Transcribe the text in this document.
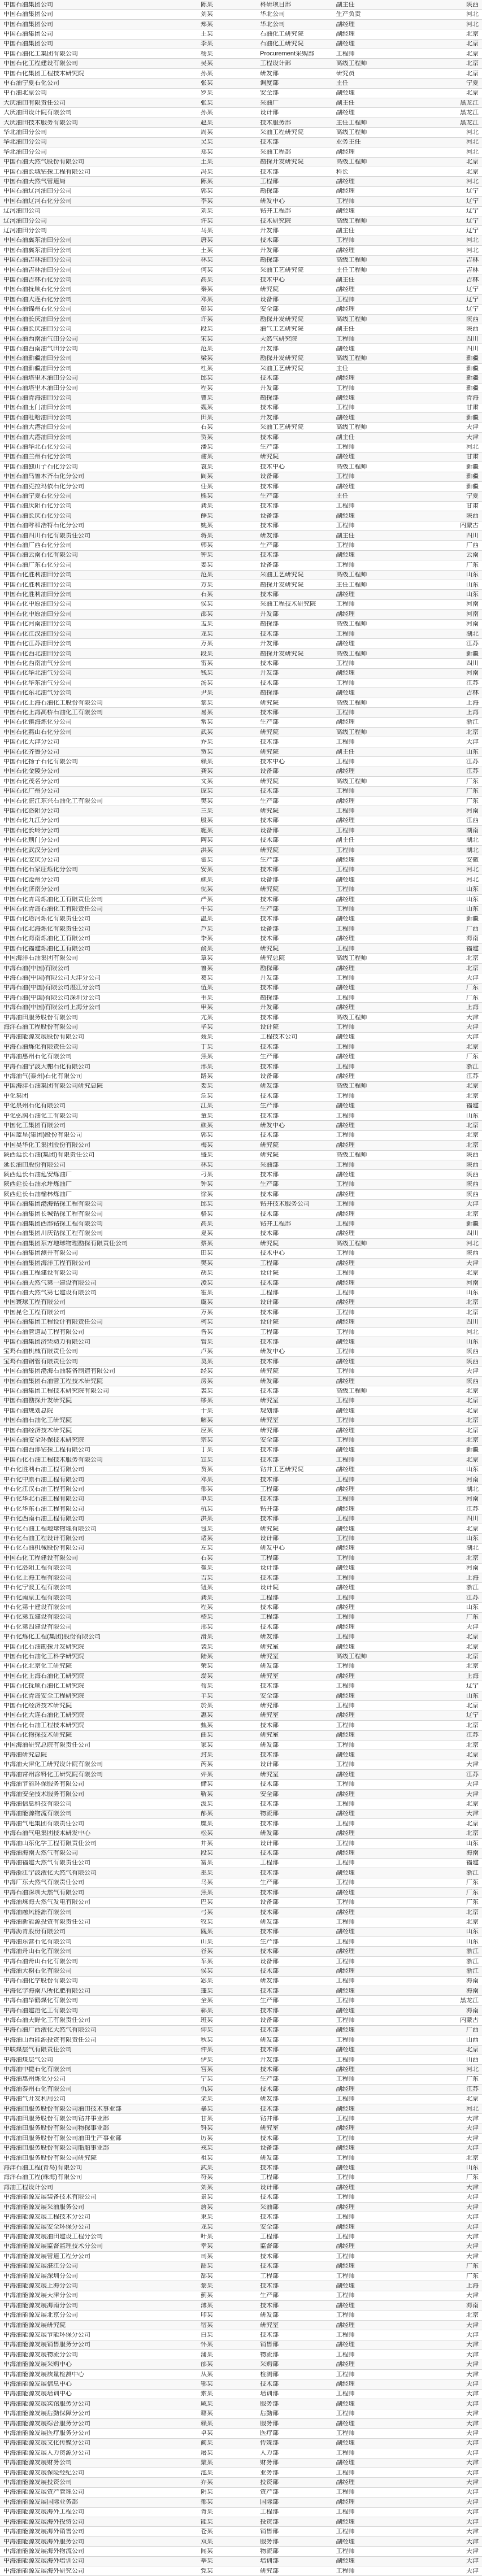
中国石油集团公司	陈某	科研项目部	副主任	陕西
中国石油集团公司	刘某	华北公司	生产负责	河北
中国石油集团公司	郑某	华北公司	副经理	河北
中国石油集团公司	王某	石油化工研究院	副经理	北京
中国石油集团公司	李某	石油化工研究院	副经理	北京
中国石油化工集团有限公司	杨某	Procurement采购部	工程师	北京
中国石化工程建设有限公司	吴某	工程设计部	高级工程师	北京
中国石化集团工程技术研究院	孙某	研发部	研究员	北京
中石油宁夏石化公司	张某	调度部	主任	宁夏
中石油北京公司	罗某	安全部	副经理	北京
大庆油田有限责任公司	张某	采油厂	副主任	黑龙江
大庆油田设计院有限公司	孙某	设计部	副经理	黑龙江
大庆油田技术服务有限公司	赵某	技术服务部	主任工程师	黑龙江
华北油田分公司	周某	采油工程研究院	高级工程师	河北
华北油田分公司	吴某	技术部	业务主任	河北
华北油田分公司	郑某	采油工程部	副经理	河北
中国石油天然气股份有限公司	王某	勘探开发研究院	高级工程师	北京
中国石油长城钻探工程有限公司	冯某	技术部	科长	北京
中国石油天然气管道局	陈某	工程部	副经理	河北
中国石油辽河油田分公司	郭某	勘探部	副经理	辽宁
中国石油辽河石化分公司	李某	研发中心	工程师	辽宁
辽河油田公司	刘某	钻井工程部	副经理	辽宁
辽河油田分公司	许某	技术研究院	高级工程师	辽宁
辽河油田分公司	马某	开发部	副主任	辽宁
中国石油冀东油田分公司	唐某	技术部	工程师	河北
中国石油冀东油田分公司	王某	开发部	副经理	河北
中国石油吉林油田分公司	林某	勘探部	高级工程师	吉林
中国石油吉林油田分公司	何某	采油工艺研究院	主任工程师	吉林
中国石油吉林石化分公司	高某	技术中心	副主任	吉林
中国石油抚顺石化分公司	秦某	研究院	副经理	辽宁
中国石油大连石化分公司	邓某	设备部	工程师	辽宁
中国石油锦州石化分公司	彭某	安全部	副经理	辽宁
中国石油长庆油田分公司	许某	勘探开发研究院	高级工程师	陕西
中国石油长庆油田分公司	段某	油气工艺研究院	副主任	陕西
中国石油西南油气田分公司	宋某	天然气研究院	工程师	四川
中国石油西南油气田分公司	范某	开发部	副经理	四川
中国石油新疆油田分公司	梁某	勘探开发研究院	高级工程师	新疆
中国石油新疆油田分公司	杜某	采油工艺研究院	主任	新疆
中国石油塔里木油田分公司	邱某	技术部	副经理	新疆
中国石油塔里木油田分公司	程某	开发部	工程师	新疆
中国石油青海油田分公司	曹某	勘探部	副经理	青海
中国石油玉门油田分公司	魏某	技术部	工程师	甘肃
中国石油吐哈油田分公司	田某	开发部	副经理	新疆
中国石油大港油田分公司	石某	采油工艺研究院	高级工程师	天津
中国石油大港油田分公司	贺某	技术部	副主任	天津
中国石油华北石化分公司	潘某	生产部	工程师	河北
中国石油兰州石化分公司	谢某	研究院	副经理	甘肃
中国石油独山子石化分公司	袁某	技术中心	高级工程师	新疆
中国石油乌鲁木齐石化分公司	阎某	设备部	工程师	新疆
中国石油克拉玛依石化分公司	任某	技术部	副经理	新疆
中国石油宁夏石化分公司	熊某	生产部	主任	宁夏
中国石油庆阳石化分公司	龚某	技术部	工程师	甘肃
中国石油长庆石化分公司	薛某	设备部	副经理	陕西
中国石油呼和浩特石化分公司	姚某	技术部	工程师	内蒙古
中国石油四川石化有限责任公司	蒋某	研发部	副主任	四川
中国石油广西石化分公司	韩某	生产部	工程师	广西
中国石油云南石化有限公司	钟某	技术部	副经理	云南
中国石油广东石化分公司	姜某	设备部	工程师	广东
中国石化胜利油田分公司	范某	采油工艺研究院	高级工程师	山东
中国石化胜利油田分公司	方某	勘探开发研究院	主任工程师	山东
中国石化胜利油田分公司	石某	技术部	副经理	山东
中国石化中原油田分公司	侯某	采油工程技术研究院	工程师	河南
中国石化中原油田分公司	邵某	开发部	副经理	河南
中国石化河南油田分公司	孟某	勘探部	高级工程师	河南
中国石化江汉油田分公司	龙某	技术部	工程师	湖北
中国石化江苏油田分公司	万某	开发部	副经理	江苏
中国石化西北油田分公司	段某	勘探开发研究院	高级工程师	新疆
中国石化西南油气分公司	雷某	技术部	工程师	四川
中国石化华北油气分公司	钱某	开发部	副经理	河南
中国石化华东油气分公司	汤某	技术部	工程师	江苏
中国石化东北油气分公司	尹某	勘探部	副经理	吉林
中国石化上海石油化工股份有限公司	黎某	研究院	高级工程师	上海
中国石化上海高桥石油化工有限公司	易某	技术部	工程师	上海
中国石化镇海炼化分公司	常某	生产部	副经理	浙江
中国石化燕山石化分公司	武某	研究院	高级工程师	北京
中国石化天津分公司	乔某	技术部	工程师	天津
中国石化齐鲁分公司	贺某	研究院	副主任	山东
中国石化扬子石化有限公司	赖某	技术中心	工程师	江苏
中国石化金陵分公司	龚某	设备部	副经理	江苏
中国石化茂名分公司	文某	研究院	高级工程师	广东
中国石化广州分公司	庞某	技术部	工程师	广东
中国石化湛江东兴石油化工有限公司	樊某	生产部	副经理	广东
中国石化洛阳分公司	兰某	研究院	工程师	河南
中国石化九江分公司	殷某	技术部	副经理	江西
中国石化长岭分公司	施某	设备部	工程师	湖南
中国石化荆门分公司	陶某	技术部	副主任	湖北
中国石化武汉分公司	洪某	研究院	工程师	湖北
中国石化安庆分公司	翟某	生产部	副经理	安徽
中国石化石家庄炼化分公司	安某	技术部	工程师	河北
中国石化沧州分公司	颜某	设备部	副经理	河北
中国石化济南分公司	倪某	研究院	工程师	山东
中国石化青岛炼油化工有限责任公司	严某	技术部	副经理	山东
中国石化青岛石油化工有限责任公司	牛某	生产部	工程师	山东
中国石化塔河炼化有限责任公司	温某	技术部	副经理	新疆
中国石化北海炼化有限责任公司	芦某	设备部	工程师	广西
中国石化海南炼油化工有限公司	季某	技术部	副经理	海南
中国石化福建炼油化工有限公司	俞某	研究院	工程师	福建
中国海洋石油集团有限公司	章某	研究总院	高级工程师	北京
中海石油(中国)有限公司	鲁某	勘探部	副经理	北京
中海石油(中国)有限公司天津分公司	葛某	开发部	工程师	天津
中海石油(中国)有限公司湛江分公司	伍某	技术部	副经理	广东
中海石油(中国)有限公司深圳分公司	韦某	勘探部	工程师	广东
中海石油(中国)有限公司上海分公司	申某	开发部	副经理	上海
中海油田服务股份有限公司	尤某	技术部	高级工程师	天津
海洋石油工程股份有限公司	毕某	设计院	工程师	天津
中海油能源发展股份有限公司	聂某	工程技术公司	副经理	天津
中海石油炼化有限责任公司	丁某	技术部	工程师	北京
中海油惠州石化有限公司	焦某	生产部	副经理	广东
中海石油宁波大榭石化有限公司	邢某	技术部	工程师	浙江
中海油气(泰州)石化有限公司	路某	设备部	副经理	江苏
中国海洋石油集团有限公司研究总院	娄某	研发部	高级工程师	北京
中化集团	危某	技术部	工程师	北京
中化泉州石化有限公司	江某	生产部	副经理	福建
中化弘润石油化工有限公司	童某	技术部	工程师	山东
中国化工集团有限公司	颜某	研发中心	副经理	北京
中国蓝星(集团)股份有限公司	郭某	技术部	工程师	北京
中国昊华化工集团股份有限公司	梅某	研究院	副经理	北京
陕西延长石油(集团)有限责任公司	盛某	研究院	高级工程师	陕西
延长油田股份有限公司	林某	采油部	工程师	陕西
陕西延长石油延安炼油厂	刁某	技术部	副经理	陕西
陕西延长石油永坪炼油厂	钟某	生产部	工程师	陕西
陕西延长石油榆林炼油厂	徐某	技术部	副经理	陕西
中国石油集团渤海钻探工程有限公司	邱某	钻井技术服务公司	工程师	天津
中国石油集团长城钻探工程有限公司	骆某	技术部	副经理	北京
中国石油集团西部钻探工程有限公司	高某	钻井工程部	工程师	新疆
中国石油集团川庆钻探工程有限公司	夏某	技术部	副经理	四川
中国石油集团东方地球物理勘探有限责任公司	蔡某	研究院	高级工程师	河北
中国石油集团测井有限公司	田某	技术中心	工程师	陕西
中国石油集团海洋工程有限公司	樊某	工程部	副经理	天津
中国石油工程建设有限公司	胡某	设计院	工程师	北京
中国石油天然气第一建设有限公司	凌某	技术部	副经理	河南
中国石油天然气第七建设有限公司	霍某	工程部	工程师	山东
中国寰球工程有限公司	虞某	设计部	副经理	北京
中国昆仑工程有限公司	万某	技术部	工程师	北京
中国石油集团工程设计有限责任公司	柯某	设计院	副经理	四川
中国石油管道局工程有限公司	昝某	工程部	工程师	河北
中国石油集团济柴动力有限公司	管某	技术部	副经理	山东
宝鸡石油机械有限责任公司	卢某	研发中心	工程师	陕西
宝鸡石油钢管有限责任公司	莫某	技术部	副经理	陕西
中国石油集团渤海石油装备制造有限公司	经某	研究院	工程师	天津
中国石油集团石油管工程技术研究院	房某	研发部	副经理	陕西
中国石油集团工程技术研究院有限公司	裘某	技术部	高级工程师	北京
中国石油勘探开发研究院	缪某	研究室	工程师	北京
中国石油规划总院	干某	规划部	副经理	北京
中国石油石油化工研究院	解某	研究室	工程师	北京
中国石油经济技术研究院	应某	研究部	副经理	北京
中国石油安全环保技术研究院	宗某	安全部	工程师	北京
中国石油西部钻探工程有限公司	丁某	技术部	副经理	新疆
中国石化石油工程技术服务有限公司	宣某	技术部	工程师	北京
中石化胜利石油工程有限公司	贲某	钻井工艺研究院	副经理	山东
中石化中原石油工程有限公司	邓某	技术部	工程师	河南
中石化江汉石油工程有限公司	郁某	工程部	副经理	湖北
中石化华北石油工程有限公司	单某	技术部	工程师	河南
中石化华东石油工程有限公司	杭某	钻井部	副经理	江苏
中石化西南石油工程有限公司	洪某	技术部	工程师	四川
中石化石油工程地球物理有限公司	包某	研究院	副经理	北京
中石化石油工程设计有限公司	诸某	设计部	工程师	山东
中石化石油机械股份有限公司	左某	研发中心	副经理	湖北
中国石化工程建设有限公司	石某	工程部	工程师	北京
中石化洛阳工程有限公司	崔某	设计部	副经理	河南
中石化上海工程有限公司	吉某	技术部	工程师	上海
中石化宁波工程有限公司	钮某	设计院	副经理	浙江
中石化南京工程有限公司	龚某	工程部	工程师	江苏
中石化第十建设有限公司	程某	技术部	副经理	山东
中石化第五建设有限公司	嵇某	工程部	工程师	广东
中石化第四建设有限公司	邢某	技术部	副经理	天津
中石化炼化工程(集团)股份有限公司	滑某	研发部	工程师	北京
中国石化石油勘探开发研究院	裴某	研究室	副经理	北京
中国石化石油化工科学研究院	陆某	研究室	高级工程师	北京
中国石化北京化工研究院	荣某	研发部	工程师	北京
中国石化上海石油化工研究院	翁某	研究室	副经理	上海
中国石化抚顺石油化工研究院	荀某	技术部	工程师	辽宁
中国石化青岛安全工程研究院	羊某	安全部	副经理	山东
中国石化经济技术研究院	於某	研究部	工程师	北京
中国石化大连石油化工研究院	惠某	研究室	副经理	辽宁
中国石化石油工程技术研究院	甄某	技术部	工程师	北京
中国石化物探技术研究院	曲某	研究室	副经理	江苏
中国海油研究总院有限责任公司	家某	研发部	工程师	北京
中海油研究总院	封某	技术部	副经理	北京
中海油天津化工研究设计院有限公司	芮某	设计部	工程师	天津
中海油常州涂料化工研究院有限公司	羿某	研究室	副经理	江苏
中海油节能环保服务有限公司	储某	技术部	工程师	天津
中海油安全技术服务有限公司	靳某	安全部	副经理	天津
中海油信息科技有限公司	汲某	技术部	工程师	北京
中海油能源物流有限公司	邴某	物流部	副经理	天津
中海油气电集团有限责任公司	糜某	技术部	工程师	北京
中海石油气电集团技术研发中心	松某	研发部	副经理	北京
中海油山东化学工程有限责任公司	井某	设计部	工程师	山东
中海油海南天然气有限公司	段某	技术部	副经理	海南
中海油福建天然气有限责任公司	富某	工程部	工程师	福建
中海浙江宁波液化天然气有限公司	巫某	技术部	副经理	浙江
中海广东天然气有限责任公司	乌某	生产部	工程师	广东
中海石油深圳天然气有限公司	焦某	技术部	副经理	广东
中海油珠海天然气发电有限公司	巴某	设备部	工程师	广东
中海油融风能源有限公司	弓某	技术部	副经理	北京
中海油新能源投资有限责任公司	牧某	研发部	工程师	北京
中海沥青股份有限公司	隗某	技术部	副经理	山东
中海油东营石化有限公司	山某	生产部	工程师	山东
中海油舟山石化有限公司	谷某	技术部	副经理	浙江
中海石油舟山石化有限公司	车某	设备部	工程师	浙江
中海油大榭石化有限公司	侯某	技术部	副经理	浙江
中海石油化学股份有限公司	宓某	研发部	工程师	海南
中海化学海南八所化肥有限公司	蓬某	技术部	副经理	海南
中海石油华鹤煤化有限公司	全某	生产部	工程师	黑龙江
中海石油建滔化工有限公司	郗某	技术部	副经理	海南
中海石油天野化工有限责任公司	班某	设备部	工程师	内蒙古
中海石油广西液化天然气有限公司	仰某	技术部	副经理	广西
中海油山西能源投资有限责任公司	秋某	研发部	工程师	山西
中联煤层气有限责任公司	仲某	技术部	副经理	北京
中海油煤层气公司	伊某	开发部	工程师	山西
中海油中捷石化有限公司	宫某	技术部	副经理	河北
中海油惠州炼化分公司	宁某	生产部	工程师	广东
中海油泰州石化有限公司	仇某	技术部	副经理	江苏
中海油气开发利用公司	栾某	研发部	工程师	北京
中海油田服务股份有限公司油田技术事业部	暴某	技术部	副经理	河北
中海油田服务股份有限公司钻井事业部	甘某	钻井部	工程师	天津
中海油田服务股份有限公司物探事业部	钭某	研究室	副经理	天津
中海油田服务股份有限公司油田生产事业部	厉某	技术部	工程师	天津
中海油田服务股份有限公司船舶事业部	戎某	设备部	副经理	天津
中海油田服务股份有限公司研究院	祖某	研发部	工程师	北京
海洋石油工程(青岛)有限公司	武某	技术部	副经理	山东
海洋石油工程(珠海)有限公司	符某	工程部	工程师	广东
海油工程设计公司	刘某	设计部	副经理	天津
中海油能源发展装备技术有限公司	景某	技术部	工程师	天津
中海油能源发展采油服务公司	詹某	采油部	副经理	天津
中海油能源发展工程技术分公司	束某	技术部	工程师	天津
中海油能源发展安全环保分公司	龙某	安全部	副经理	天津
中海油能源发展油田建设工程分公司	叶某	工程部	工程师	天津
中海油能源发展监督监理技术分公司	幸某	监督部	副经理	天津
中海油能源发展管道工程分公司	司某	技术部	工程师	天津
中海油能源发展湛江分公司	韶某	技术部	副经理	广东
中海油能源发展深圳分公司	郜某	工程部	工程师	广东
中海油能源发展上海分公司	黎某	技术部	副经理	上海
中海油能源发展天津分公司	蓟某	生产部	工程师	天津
中海油能源发展海南分公司	薄某	技术部	副经理	海南
中海油能源发展北京分公司	印某	研发部	工程师	北京
中海油能源发展研究院	宿某	研究室	副经理	天津
中海油能源发展节能环保分公司	白某	技术部	工程师	天津
中海油能源发展销售服务分公司	怀某	销售部	副经理	天津
中海油能源发展物流分公司	蒲某	物流部	工程师	天津
中海油能源发展采购中心	邰某	采购部	副经理	天津
中海油能源发展质量检测中心	从某	检测部	工程师	天津
中海油能源发展信息中心	鄂某	技术部	副经理	天津
中海油能源发展培训中心	索某	培训部	工程师	天津
中海油能源发展宾馆服务分公司	咸某	服务部	副经理	天津
中海油能源发展后勤保障分公司	籍某	后勤部	工程师	天津
中海油能源发展综合服务分公司	赖某	服务部	副经理	天津
中海油能源发展医疗服务分公司	卓某	医疗部	工程师	天津
中海油能源发展文化传媒分公司	蔺某	传媒部	副经理	天津
中海油能源发展人力资源分公司	屠某	人力部	工程师	天津
中海油能源发展财务公司	蒙某	财务部	副经理	天津
中海油能源发展保险经纪公司	池某	业务部	工程师	天津
中海油能源发展投资公司	乔某	投资部	副经理	天津
中海油能源发展资产管理公司	阴某	资产部	工程师	天津
中海油能源发展国际业务部	郁某	国际部	副经理	天津
中海油能源发展海外工程公司	胥某	工程部	工程师	天津
中海油能源发展海外投资公司	能某	投资部	副经理	天津
中海油能源发展海外销售公司	苍某	销售部	工程师	天津
中海油能源发展海外服务公司	双某	服务部	副经理	天津
中海油能源发展海外物流公司	闻某	物流部	工程师	天津
中海油能源发展海外培训公司	莘某	培训部	副经理	天津
中海油能源发展海外研究公司	党某	研究部	工程师	天津
